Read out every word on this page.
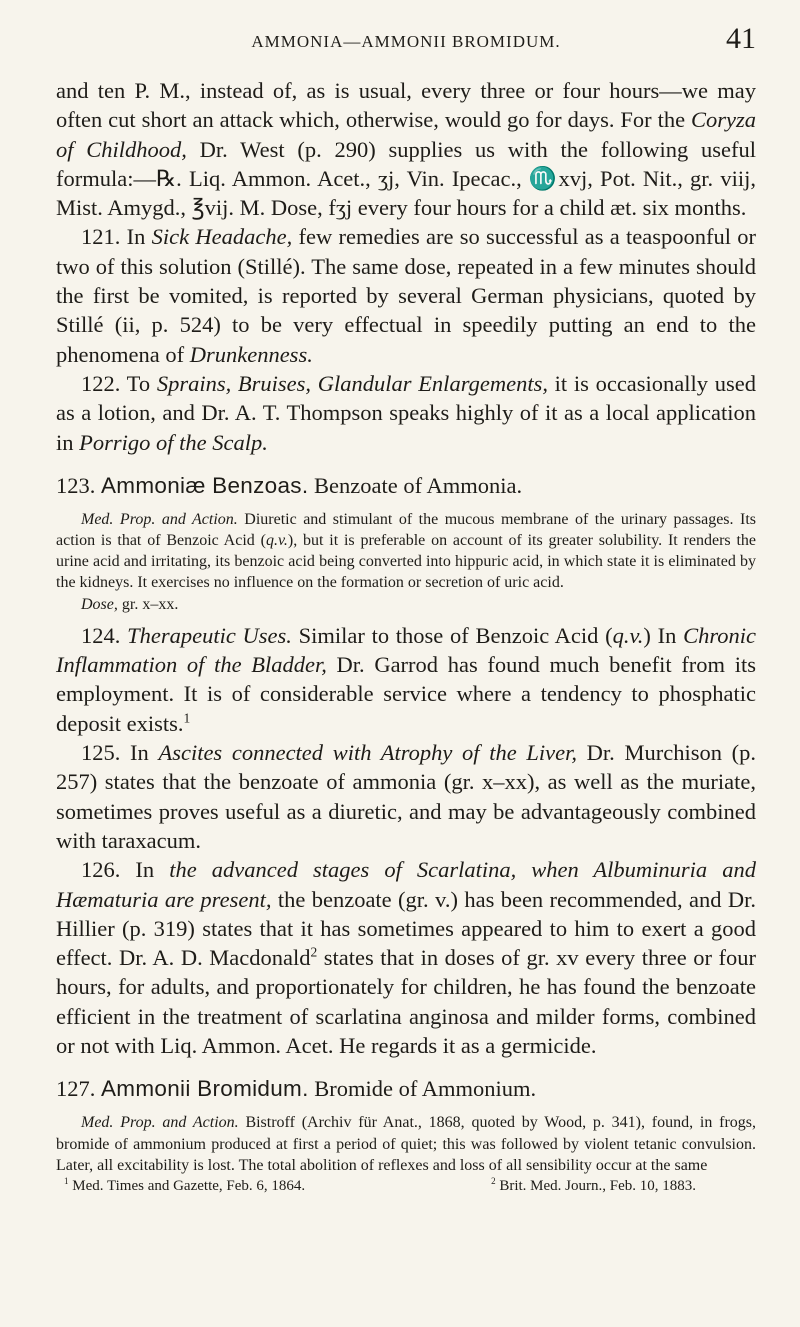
AMMONIA—AMMONII BROMIDUM.	41

and ten P. M., instead of, as is usual, every three or four hours—we may often cut short an attack which, otherwise, would go for days. For the Coryza of Childhood, Dr. West (p. 290) supplies us with the following useful formula:—℞. Liq. Ammon. Acet., ʒj, Vin. Ipecac., ♏xvj, Pot. Nit., gr. viij, Mist. Amygd., ℥vij. M. Dose, fʒj every four hours for a child æt. six months.

121. In Sick Headache, few remedies are so successful as a teaspoonful or two of this solution (Stillé). The same dose, repeated in a few minutes should the first be vomited, is reported by several German physicians, quoted by Stillé (ii, p. 524) to be very effectual in speedily putting an end to the phenomena of Drunkenness.

122. To Sprains, Bruises, Glandular Enlargements, it is occasionally used as a lotion, and Dr. A. T. Thompson speaks highly of it as a local application in Porrigo of the Scalp.

123. Ammoniæ Benzoas. Benzoate of Ammonia.

Med. Prop. and Action. Diuretic and stimulant of the mucous membrane of the urinary passages. Its action is that of Benzoic Acid (q.v.), but it is preferable on account of its greater solubility. It renders the urine acid and irritating, its benzoic acid being converted into hippuric acid, in which state it is eliminated by the kidneys. It exercises no influence on the formation or secretion of uric acid.

Dose, gr. x–xx.

124. Therapeutic Uses. Similar to those of Benzoic Acid (q.v.) In Chronic Inflammation of the Bladder, Dr. Garrod has found much benefit from its employment. It is of considerable service where a tendency to phosphatic deposit exists.$^1$

125. In Ascites connected with Atrophy of the Liver, Dr. Murchison (p. 257) states that the benzoate of ammonia (gr. x–xx), as well as the muriate, sometimes proves useful as a diuretic, and may be advantageously combined with taraxacum.

126. In the advanced stages of Scarlatina, when Albuminuria and Hæmaturia are present, the benzoate (gr. v.) has been recommended, and Dr. Hillier (p. 319) states that it has sometimes appeared to him to exert a good effect. Dr. A. D. Macdonald$^2$ states that in doses of gr. xv every three or four hours, for adults, and proportionately for children, he has found the benzoate efficient in the treatment of scarlatina anginosa and milder forms, combined or not with Liq. Ammon. Acet. He regards it as a germicide.

127. Ammonii Bromidum. Bromide of Ammonium.

Med. Prop. and Action. Bistroff (Archiv für Anat., 1868, quoted by Wood, p. 341), found, in frogs, bromide of ammonium produced at first a period of quiet; this was followed by violent tetanic convulsion. Later, all excitability is lost. The total abolition of reflexes and loss of all sensibility occur at the same

$^1$ Med. Times and Gazette, Feb. 6, 1864.	$^2$ Brit. Med. Journ., Feb. 10, 1883.
